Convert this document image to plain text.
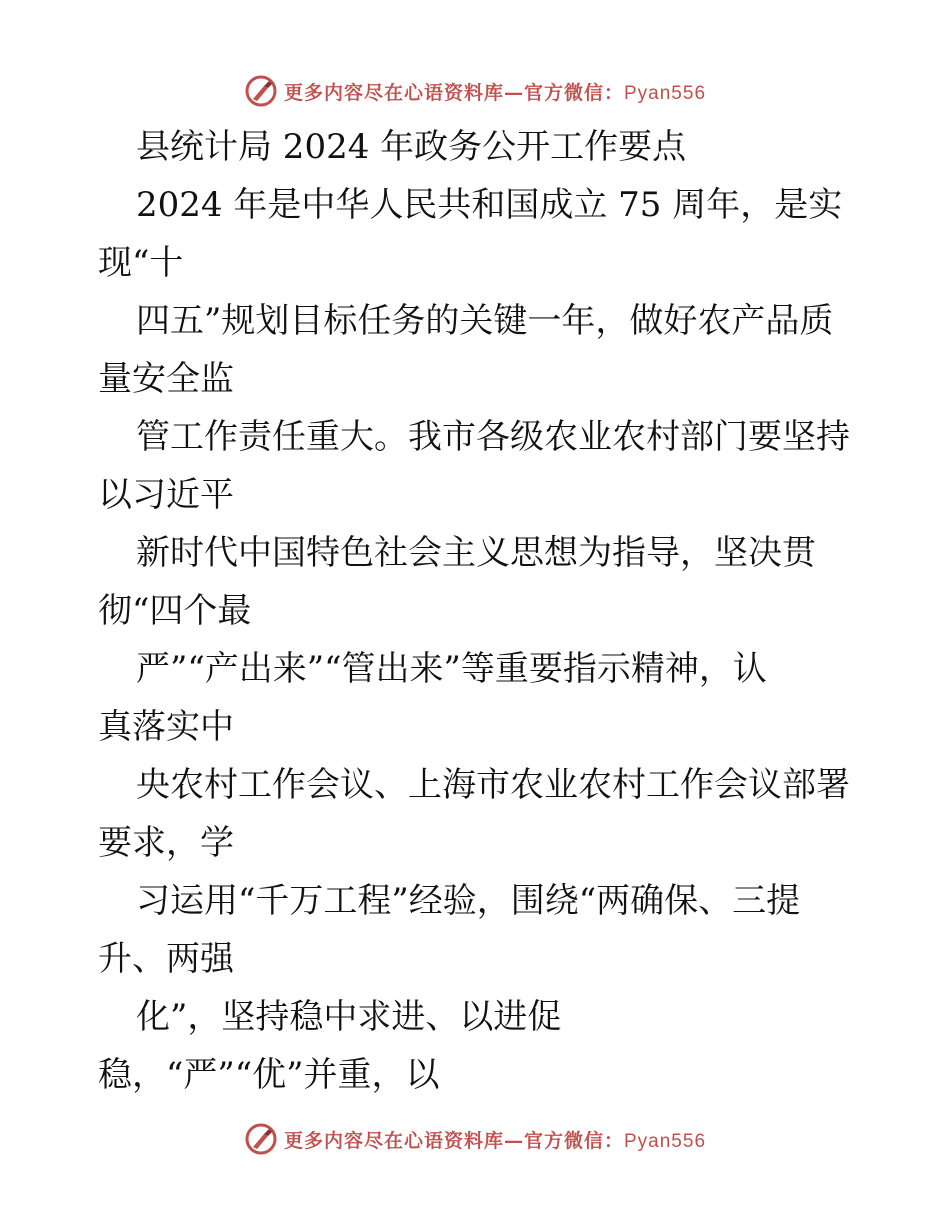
更多内容尽在心语资料库—官方微信：Pyan556
县统计局 2024 年政务公开工作要点
2024 年是中华人民共和国成立 75 周年，是实
现“十
四五”规划目标任务的关键一年，做好农产品质
量安全监
管工作责任重大。我市各级农业农村部门要坚持
以习近平
新时代中国特色社会主义思想为指导，坚决贯
彻“四个最
严”“产出来”“管出来”等重要指示精神，认
真落实中
央农村工作会议、上海市农业农村工作会议部署
要求，学
习运用“千万工程”经验，围绕“两确保、三提
升、两强
化”，坚持稳中求进、以进促
稳，“严”“优”并重，以
更多内容尽在心语资料库—官方微信：Pyan556
